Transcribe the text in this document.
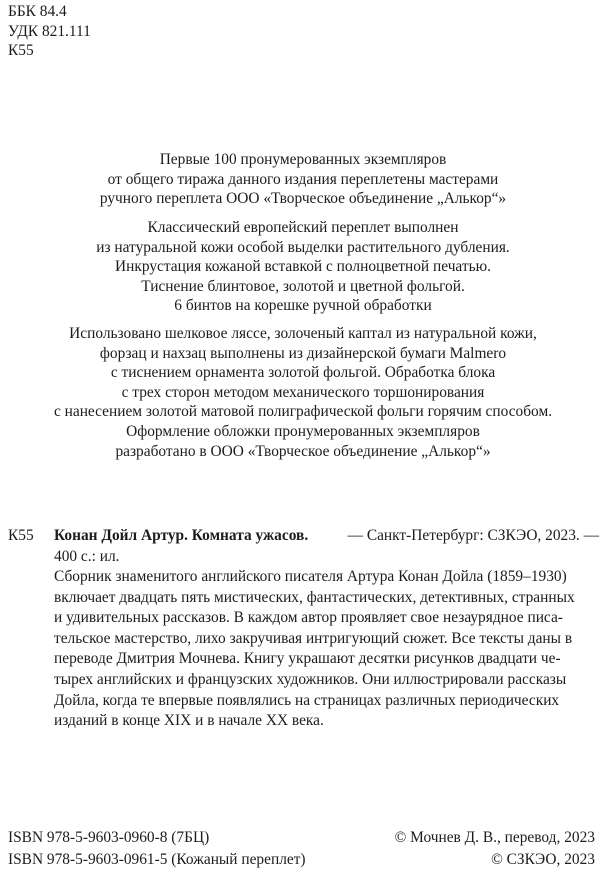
ББК 84.4
УДК 821.111
К55
Первые 100 пронумерованных экземпляров
от общего тиража данного издания переплетены мастерами
ручного переплета ООО «Творческое объединение „Алькор“»
Классический европейский переплет выполнен
из натуральной кожи особой выделки растительного дубления.
Инкрустация кожаной вставкой с полноцветной печатью.
Тиснение блинтовое, золотой и цветной фольгой.
6 бинтов на корешке ручной обработки
Использовано шелковое ляссе, золоченый каптал из натуральной кожи,
форзац и нахзац выполнены из дизайнерской бумаги Malmero
с тиснением орнамента золотой фольгой. Обработка блока
с трех сторон методом механического торшонирования
с нанесением золотой матовой полиграфической фольги горячим способом.
Оформление обложки пронумерованных экземпляров
разработано в ООО «Творческое объединение „Алькор“»
К55 Конан Дойл Артур. Комната ужасов.	— Санкт-Петербург: СЗКЭО, 2023. —
400 с.: ил.
Сборник знаменитого английского писателя Артура Конан Дойла (1859–1930)
включает двадцать пять мистических, фантастических, детективных, странных
и удивительных рассказов. В каждом автор проявляет свое незаурядное писа-
тельское мастерство, лихо закручивая интригующий сюжет. Все тексты даны в
переводе Дмитрия Мочнева. Книгу украшают десятки рисунков двадцати че-
тырех английских и французских художников. Они иллюстрировали рассказы
Дойла, когда те впервые появлялись на страницах различных периодических
изданий в конце XIX и в начале XX века.
ISBN 978-5-9603-0960-8 (7БЦ)
ISBN 978-5-9603-0961-5 (Кожаный переплет)
© Мочнев Д. В., перевод, 2023
© СЗКЭО, 2023
